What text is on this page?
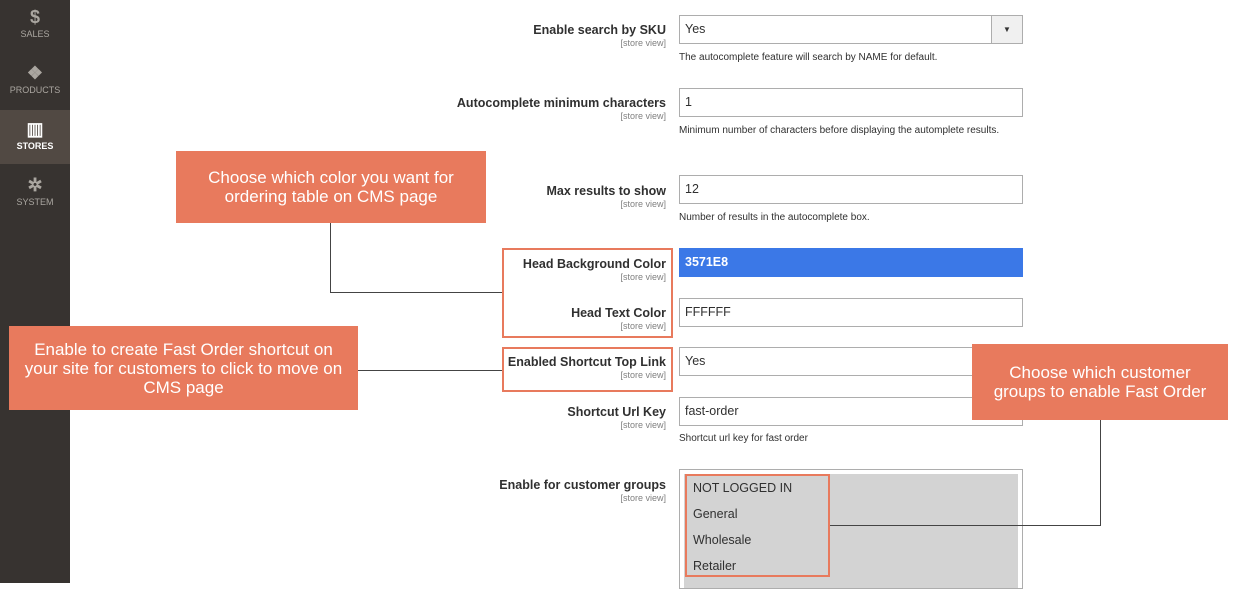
$
SALES
❖
PRODUCTS
▥
STORES
✲
SYSTEM
Enable search by SKU
[store view]
Yes	▼
The autocomplete feature will search by NAME for default.
Autocomplete minimum characters
[store view]
1
Minimum number of characters before displaying the automplete results.
Max results to show
[store view]
12
Number of results in the autocomplete box.
Head Background Color
[store view]
3571E8
Head Text Color
[store view]
FFFFFF
Enabled Shortcut Top Link
[store view]
Yes
Shortcut Url Key
[store view]
fast-order
Shortcut url key for fast order
Enable for customer groups
[store view]
NOT LOGGED IN
General
Wholesale
Retailer
Choose which color you want for ordering table on CMS page
Enable to create Fast Order shortcut on your site for customers to click to move on CMS page
Choose which customer groups to enable Fast Order
